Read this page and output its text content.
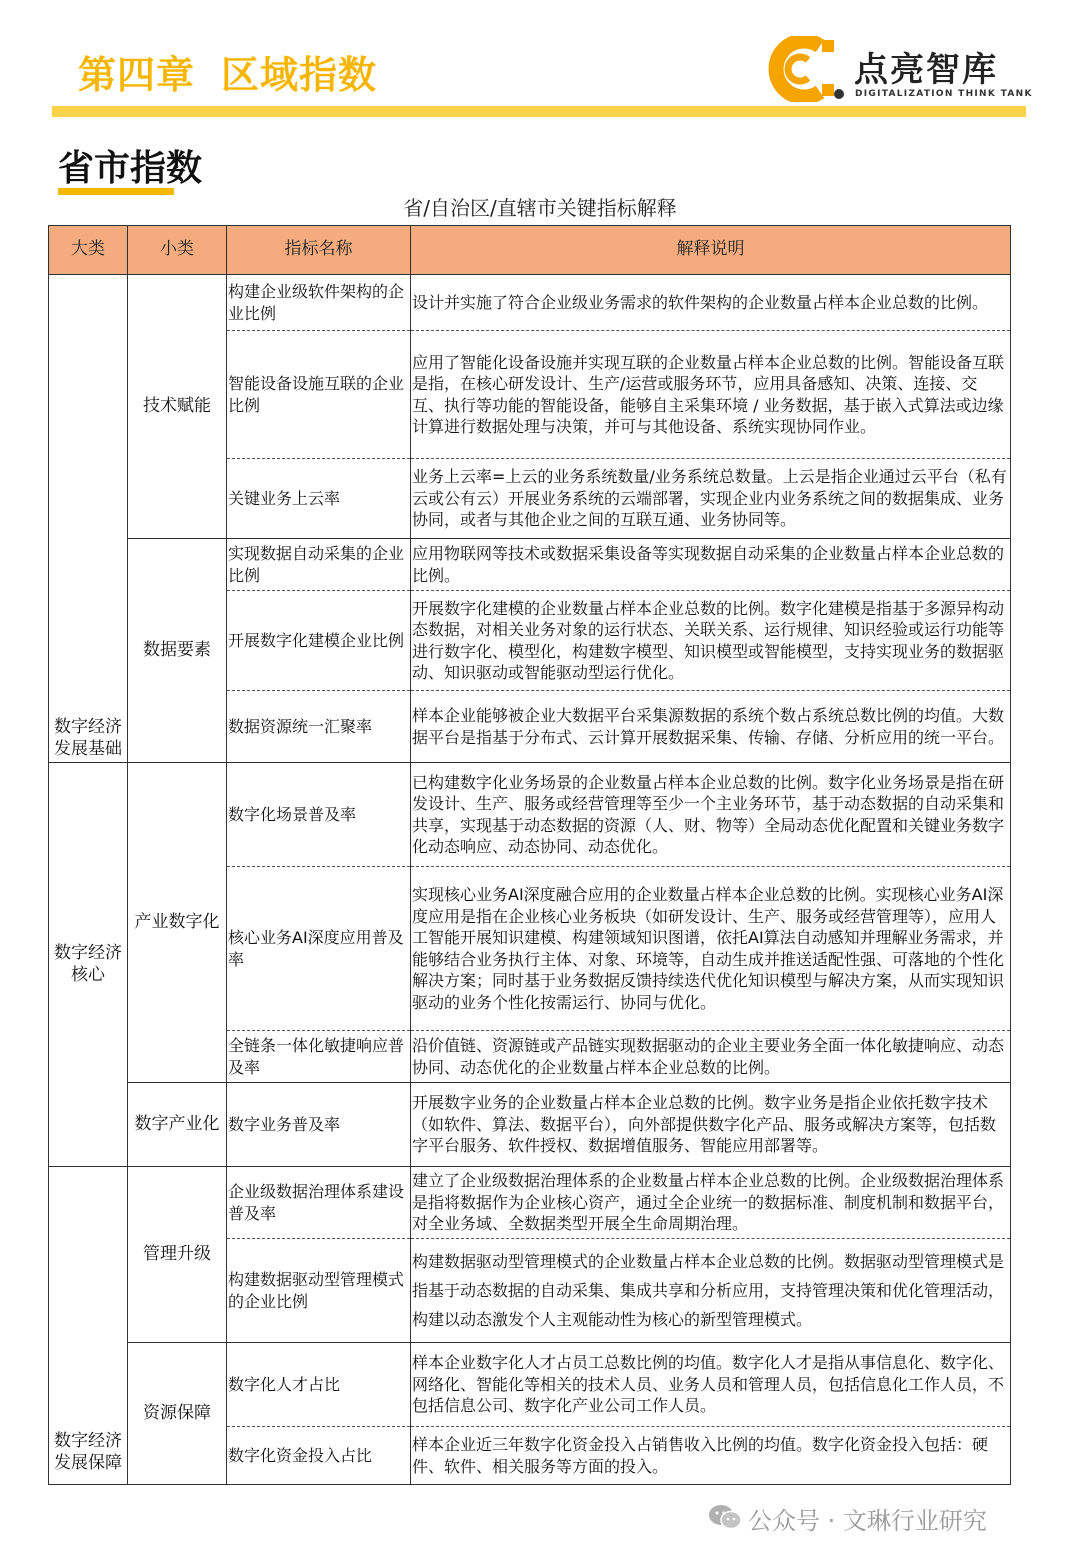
第四章 区域指数	点亮智库
DIGITALIZATION THINK TANK
省市指数
省/自治区/直辖市关键指标解释
大类	小类	指标名称	解释说明
数字经济发展基础	技术赋能	构建企业级软件架构的企业比例	设计并实施了符合企业级业务需求的软件架构的企业数量占样本企业总数的比例。
		智能设备设施互联的企业比例	应用了智能化设备设施并实现互联的企业数量占样本企业总数的比例。智能设备互联是指，在核心研发设计、生产/运营或服务环节，应用具备感知、决策、连接、交互、执行等功能的智能设备，能够自主采集环境 / 业务数据，基于嵌入式算法或边缘计算进行数据处理与决策，并可与其他设备、系统实现协同作业。
		关键业务上云率	业务上云率=上云的业务系统数量/业务系统总数量。上云是指企业通过云平台（私有云或公有云）开展业务系统的云端部署，实现企业内业务系统之间的数据集成、业务协同，或者与其他企业之间的互联互通、业务协同等。
	数据要素	实现数据自动采集的企业比例	应用物联网等技术或数据采集设备等实现数据自动采集的企业数量占样本企业总数的比例。
		开展数字化建模企业比例	开展数字化建模的企业数量占样本企业总数的比例。数字化建模是指基于多源异构动态数据，对相关业务对象的运行状态、关联关系、运行规律、知识经验或运行功能等进行数字化、模型化，构建数字模型、知识模型或智能模型，支持实现业务的数据驱动、知识驱动或智能驱动型运行优化。
		数据资源统一汇聚率	样本企业能够被企业大数据平台采集源数据的系统个数占系统总数比例的均值。大数据平台是指基于分布式、云计算开展数据采集、传输、存储、分析应用的统一平台。
数字经济核心	产业数字化	数字化场景普及率	已构建数字化业务场景的企业数量占样本企业总数的比例。数字化业务场景是指在研发设计、生产、服务或经营管理等至少一个主业务环节，基于动态数据的自动采集和共享，实现基于动态数据的资源（人、财、物等）全局动态优化配置和关键业务数字化动态响应、动态协同、动态优化。
		核心业务AI深度应用普及率	实现核心业务AI深度融合应用的企业数量占样本企业总数的比例。实现核心业务AI深度应用是指在企业核心业务板块（如研发设计、生产、服务或经营管理等），应用人工智能开展知识建模、构建领域知识图谱，依托AI算法自动感知并理解业务需求，并能够结合业务执行主体、对象、环境等，自动生成并推送适配性强、可落地的个性化解决方案；同时基于业务数据反馈持续迭代优化知识模型与解决方案，从而实现知识驱动的业务个性化按需运行、协同与优化。
		全链条一体化敏捷响应普及率	沿价值链、资源链或产品链实现数据驱动的企业主要业务全面一体化敏捷响应、动态协同、动态优化的企业数量占样本企业总数的比例。
	数字产业化	数字业务普及率	开展数字业务的企业数量占样本企业总数的比例。数字业务是指企业依托数字技术（如软件、算法、数据平台），向外部提供数字化产品、服务或解决方案等，包括数字平台服务、软件授权、数据增值服务、智能应用部署等。
数字经济发展保障	管理升级	企业级数据治理体系建设普及率	建立了企业级数据治理体系的企业数量占样本企业总数的比例。企业级数据治理体系是指将数据作为企业核心资产，通过全企业统一的数据标准、制度机制和数据平台，对全业务域、全数据类型开展全生命周期治理。
		构建数据驱动型管理模式的企业比例	构建数据驱动型管理模式的企业数量占样本企业总数的比例。数据驱动型管理模式是指基于动态数据的自动采集、集成共享和分析应用，支持管理决策和优化管理活动，构建以动态激发个人主观能动性为核心的新型管理模式。
	资源保障	数字化人才占比	样本企业数字化人才占员工总数比例的均值。数字化人才是指从事信息化、数字化、网络化、智能化等相关的技术人员、业务人员和管理人员，包括信息化工作人员，不包括信息公司、数字化产业公司工作人员。
		数字化资金投入占比	样本企业近三年数字化资金投入占销售收入比例的均值。数字化资金投入包括：硬件、软件、相关服务等方面的投入。
公众号 · 文琳行业研究
